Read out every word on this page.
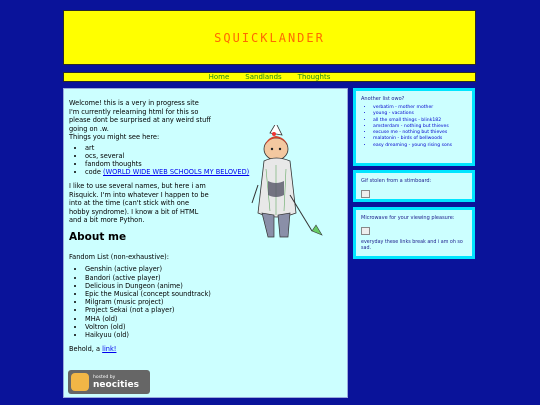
SQUICKLANDER
Home	Sandlands	Thoughts
Welcome! this is a very in progress site I'm currently relearning html for this so please dont be surprised at any weird stuff going on .w.
Things you might see here:
• art
• ocs, several
• fandom thoughts
• code (WORLD WIDE WEB SCHOOLS MY BELOVED)

I like to use several names, but here i am Risquick. I'm into whatever I happen to be into at the time (can't stick with one hobby syndrome). I know a bit of HTML and a bit more Python.

About me

Fandom List (non-exhaustive):

• Genshin (active player)
• Bandori (active player)
• Delicious in Dungeon (anime)
• Epic the Musical (concept soundtrack)
• Milgram (music project)
• Project Sekai (not a player)
• MHA (old)
• Voltron (old)
• Haikyuu (old)

Behold, a link!

hosted by
neocities

Another list owo?

• verbatim - mother mother
• young - vacations
• all the small things - blink182
• amsterdam - nothing but thieves
• excuse me - nothing but thieves
• malatonin - birds of bellwoods
• easy dreaming - young rising sons

Gif stolen from a stimboard:

Microwave for your viewing pleasure:

everyday these links break and i am oh so sad.
